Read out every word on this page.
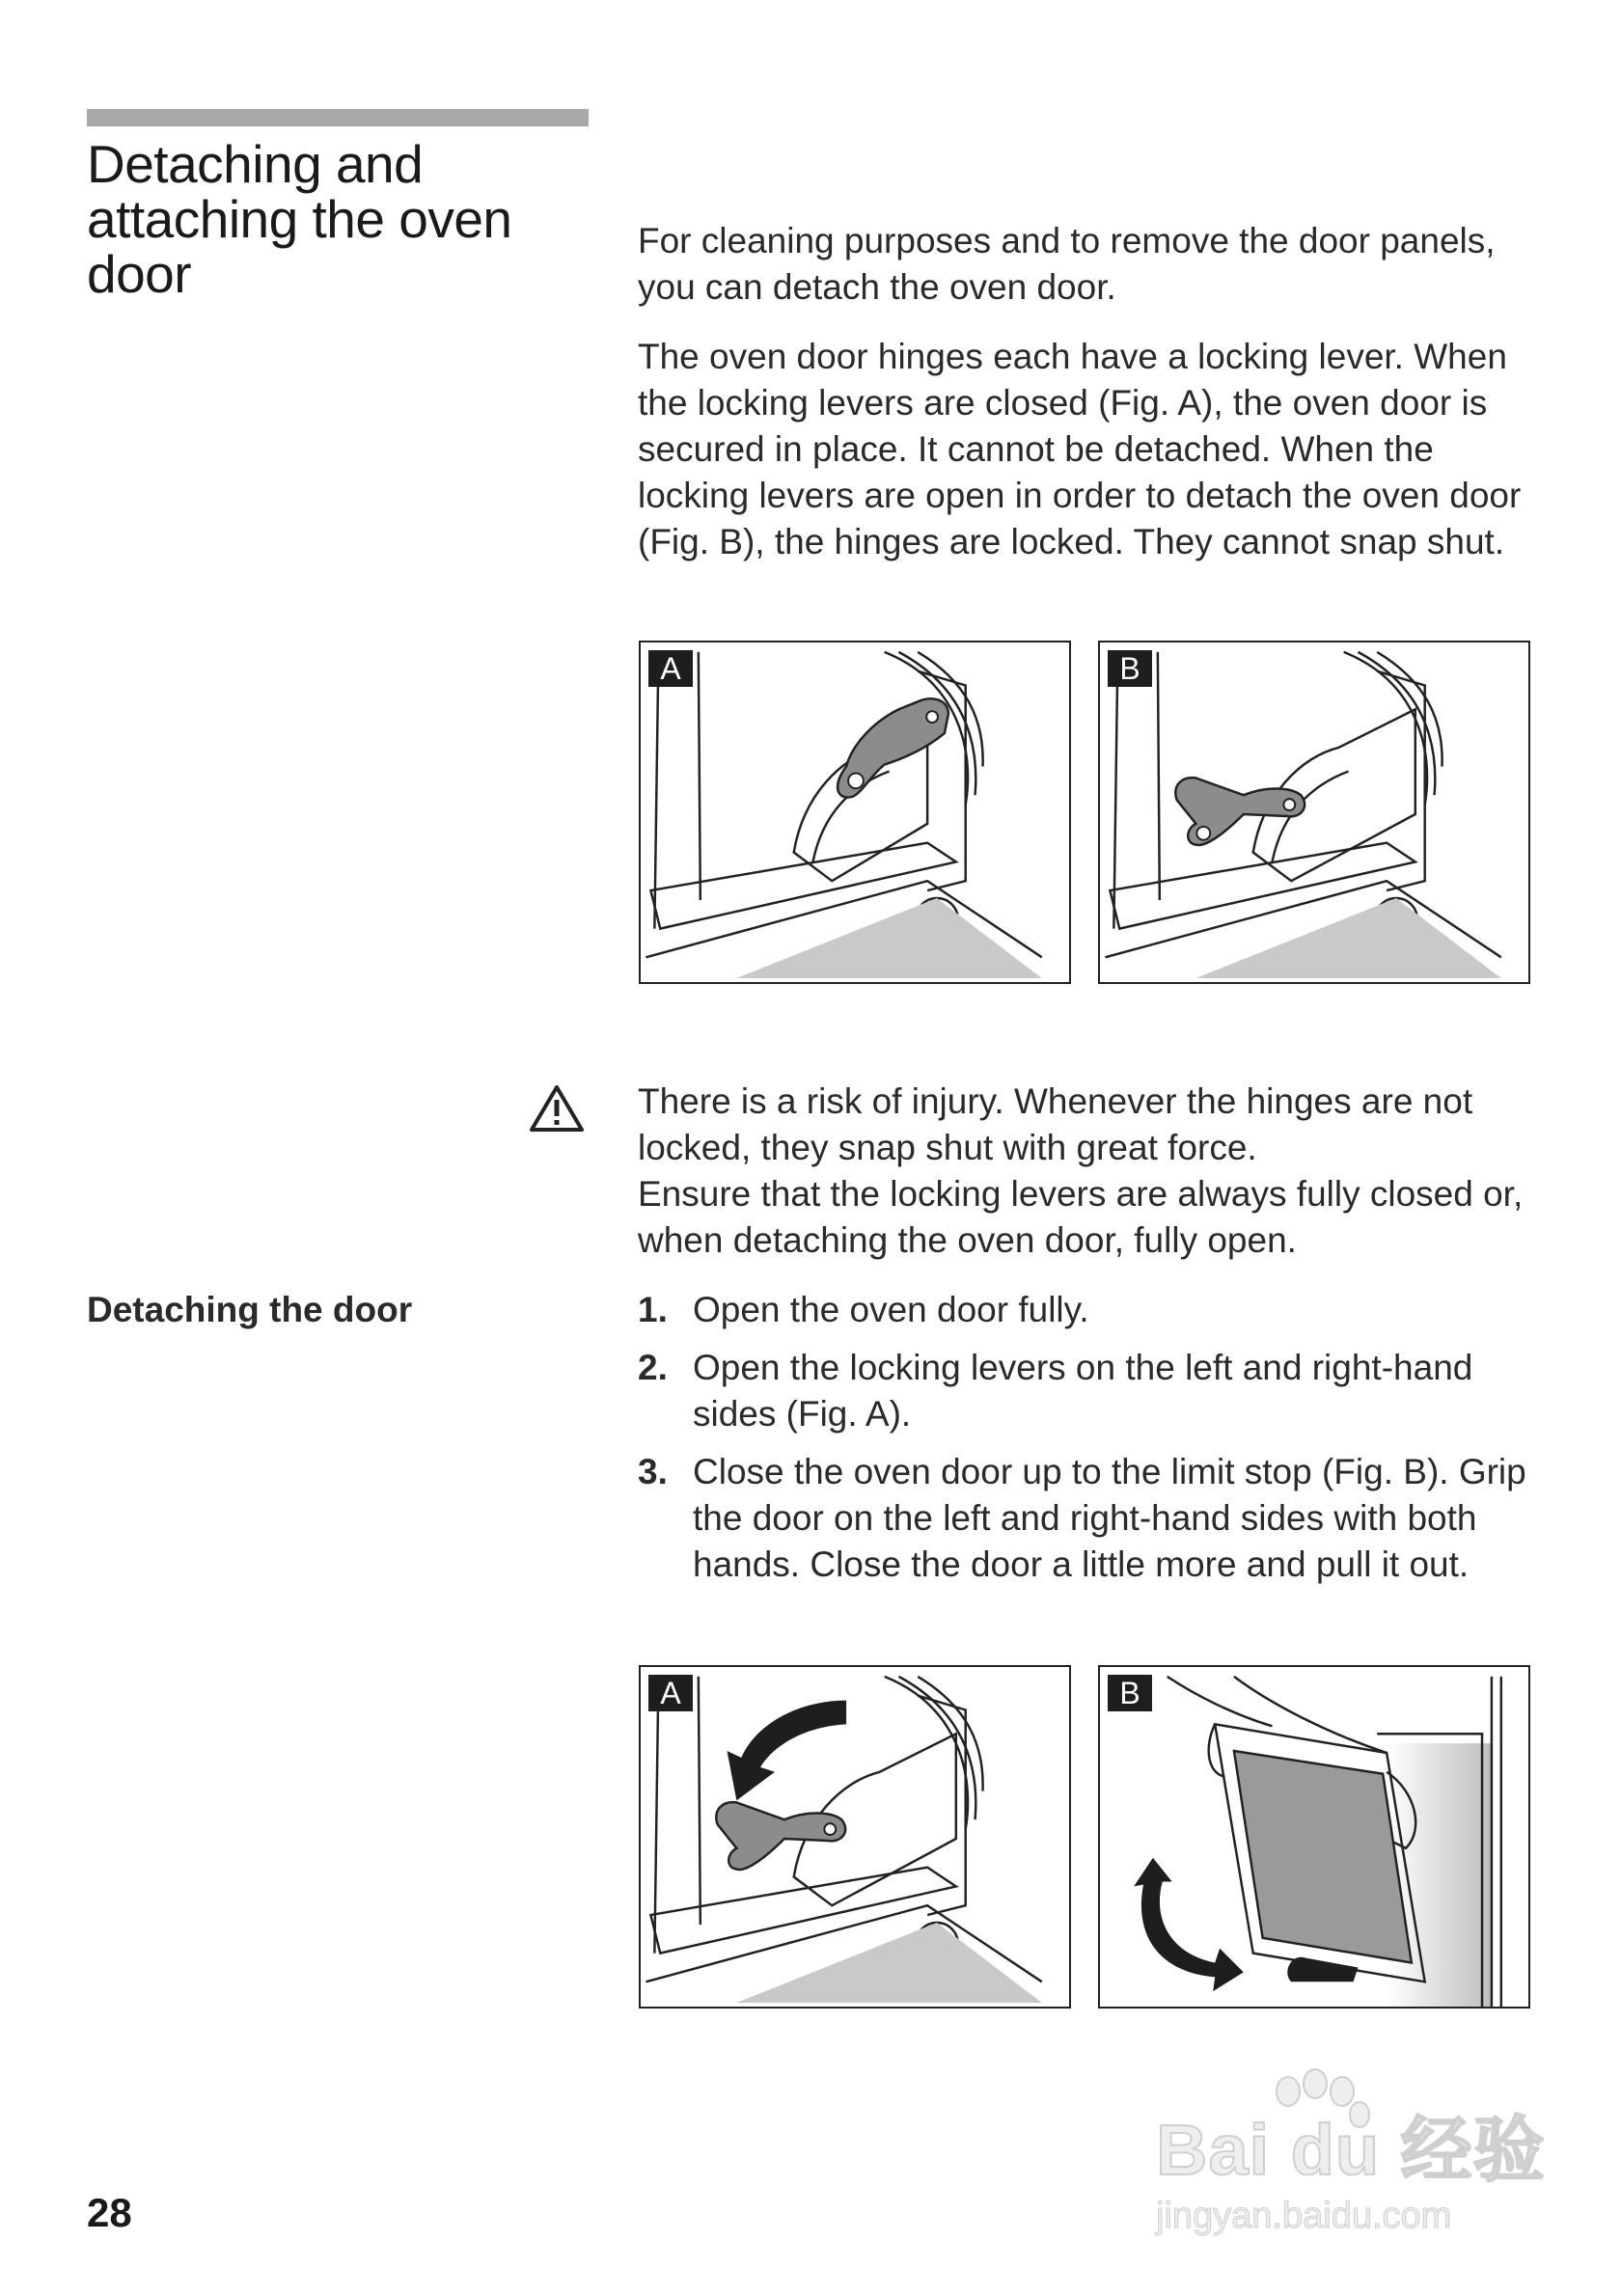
Detaching and attaching the oven door

For cleaning purposes and to remove the door panels, you can detach the oven door.

The oven door hinges each have a locking lever. When the locking levers are closed (Fig. A), the oven door is secured in place. It cannot be detached. When the locking levers are open in order to detach the oven door (Fig. B), the hinges are locked. They cannot snap shut.

A	B

There is a risk of injury. Whenever the hinges are not locked, they snap shut with great force.

Ensure that the locking levers are always fully closed or, when detaching the oven door, fully open.

Detaching the door	1. Open the oven door fully.
2. Open the locking levers on the left and right-hand sides (Fig. A).
3. Close the oven door up to the limit stop (Fig. B). Grip the door on the left and right-hand sides with both hands. Close the door a little more and pull it out.
A	B

28

Bai du 经验
jingyan.baidu.com
